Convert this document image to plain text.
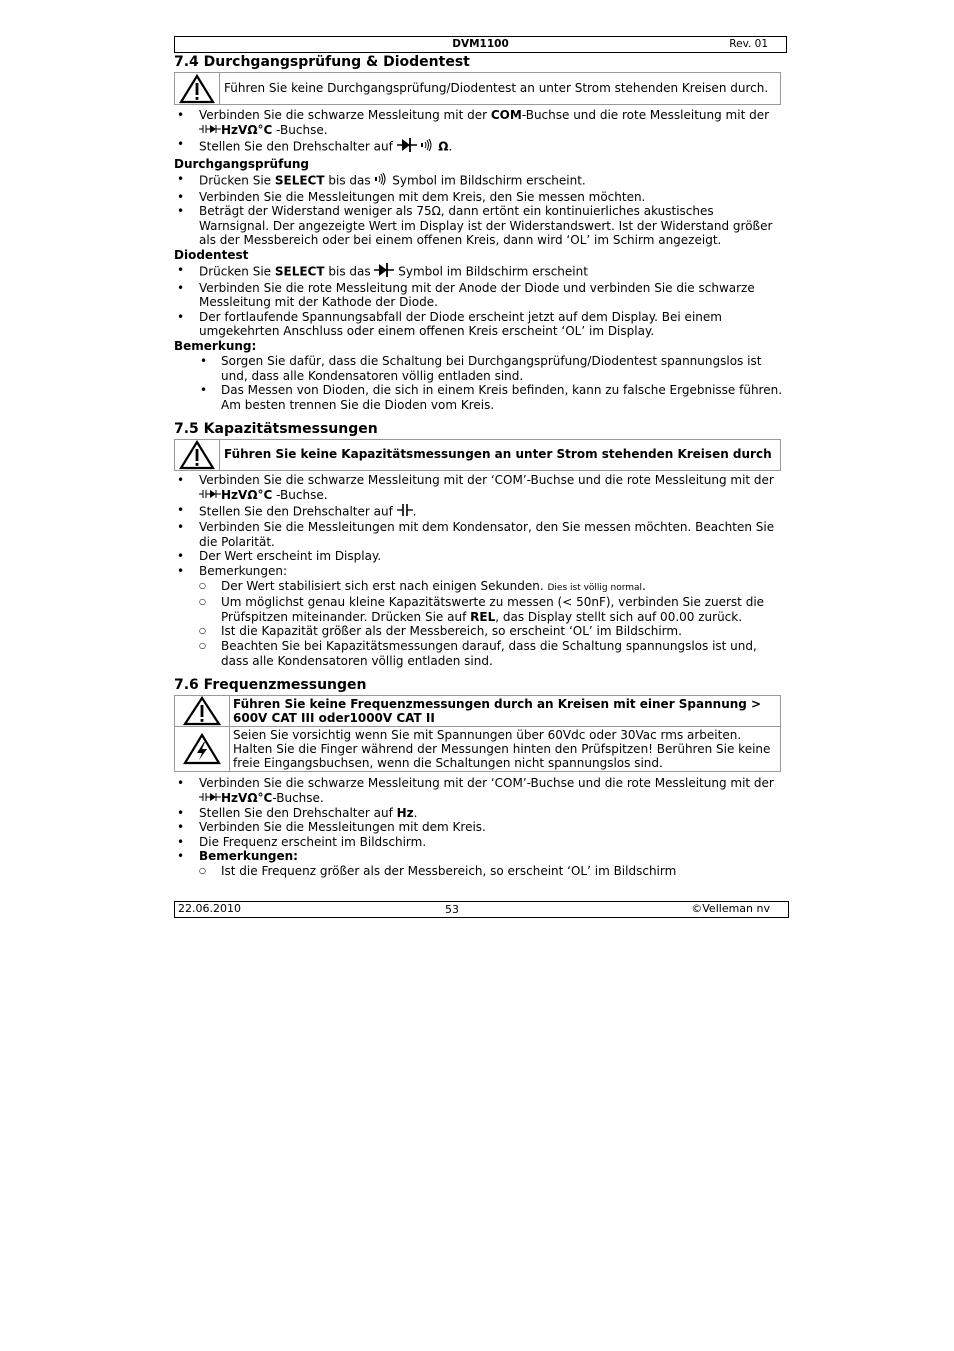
DVM1100	Rev. 01
7.4 Durchgangsprüfung & Diodentest
Führen Sie keine Durchgangsprüfung/Diodentest an unter Strom stehenden Kreisen durch.
• Verbinden Sie die schwarze Messleitung mit der COM-Buchse und die rote Messleitung mit der
HzVΩ°C -Buchse.
• Stellen Sie den Drehschalter auf	Ω.
Durchgangsprüfung
• Drücken Sie SELECT bis das  Symbol im Bildschirm erscheint.
• Verbinden Sie die Messleitungen mit dem Kreis, den Sie messen möchten.
• Beträgt der Widerstand weniger als 75Ω, dann ertönt ein kontinuierliches akustisches Warnsignal. Der angezeigte Wert im Display ist der Widerstandswert. Ist der Widerstand größer als der Messbereich oder bei einem offenen Kreis, dann wird ‘OL’ im Schirm angezeigt.
Diodentest
• Drücken Sie SELECT bis das  Symbol im Bildschirm erscheint
• Verbinden Sie die rote Messleitung mit der Anode der Diode und verbinden Sie die schwarze Messleitung mit der Kathode der Diode.
• Der fortlaufende Spannungsabfall der Diode erscheint jetzt auf dem Display. Bei einem umgekehrten Anschluss oder einem offenen Kreis erscheint ‘OL’ im Display.
Bemerkung:
• Sorgen Sie dafür, dass die Schaltung bei Durchgangsprüfung/Diodentest spannungslos ist und, dass alle Kondensatoren völlig entladen sind.
• Das Messen von Dioden, die sich in einem Kreis befinden, kann zu falsche Ergebnisse führen. Am besten trennen Sie die Dioden vom Kreis.
7.5 Kapazitätsmessungen
Führen Sie keine Kapazitätsmessungen an unter Strom stehenden Kreisen durch
• Verbinden Sie die schwarze Messleitung mit der ‘COM’-Buchse und die rote Messleitung mit der HzVΩ°C -Buchse.
• Stellen Sie den Drehschalter auf .
• Verbinden Sie die Messleitungen mit dem Kondensator, den Sie messen möchten. Beachten Sie die Polarität.
• Der Wert erscheint im Display.
• Bemerkungen:
○ Der Wert stabilisiert sich erst nach einigen Sekunden. Dies ist völlig normal.
○ Um möglichst genau kleine Kapazitätswerte zu messen (< 50nF), verbinden Sie zuerst die Prüfspitzen miteinander. Drücken Sie auf REL, das Display stellt sich auf 00.00 zurück.
○ Ist die Kapazität größer als der Messbereich, so erscheint ‘OL’ im Bildschirm.
○ Beachten Sie bei Kapazitätsmessungen darauf, dass die Schaltung spannungslos ist und, dass alle Kondensatoren völlig entladen sind.
7.6 Frequenzmessungen
Führen Sie keine Frequenzmessungen durch an Kreisen mit einer Spannung > 600V CAT III oder1000V CAT II
Seien Sie vorsichtig wenn Sie mit Spannungen über 60Vdc oder 30Vac rms arbeiten. Halten Sie die Finger während der Messungen hinten den Prüfspitzen! Berühren Sie keine freie Eingangsbuchsen, wenn die Schaltungen nicht spannungslos sind.
• Verbinden Sie die schwarze Messleitung mit der ‘COM’-Buchse und die rote Messleitung mit der HzVΩ°C-Buchse.
• Stellen Sie den Drehschalter auf Hz.
• Verbinden Sie die Messleitungen mit dem Kreis.
• Die Frequenz erscheint im Bildschirm.
• Bemerkungen:
○ Ist die Frequenz größer als der Messbereich, so erscheint ‘OL’ im Bildschirm
22.06.2010	53	©Velleman nv
